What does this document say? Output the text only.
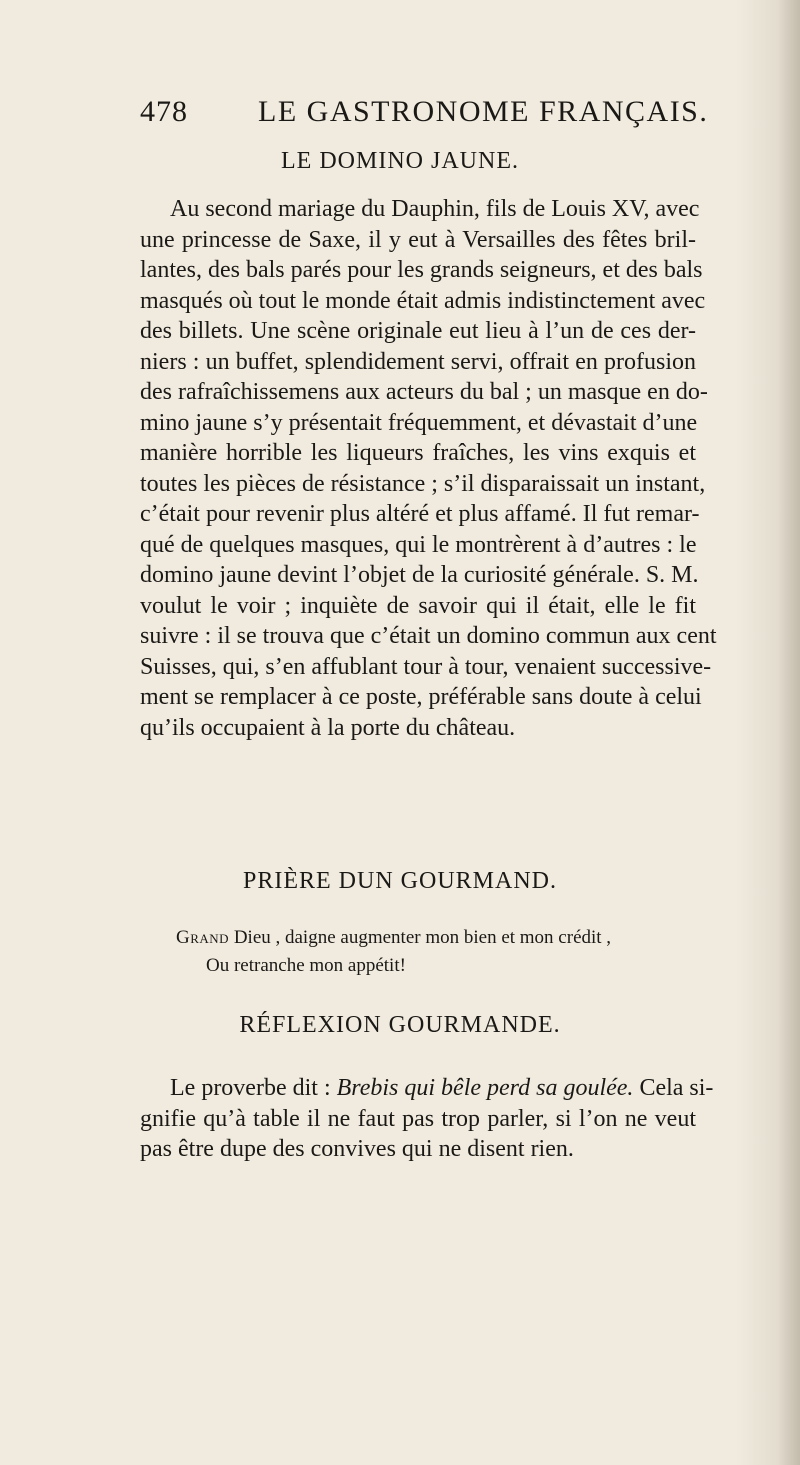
478 LE GASTRONOME FRANÇAIS.
LE DOMINO JAUNE.
Au second mariage du Dauphin, fils de Louis XV, avec
une princesse de Saxe, il y eut à Versailles des fêtes bril-
lantes, des bals parés pour les grands seigneurs, et des bals
masqués où tout le monde était admis indistinctement avec
des billets. Une scène originale eut lieu à l’un de ces der-
niers : un buffet, splendidement servi, offrait en profusion
des rafraîchissemens aux acteurs du bal ; un masque en do-
mino jaune s’y présentait fréquemment, et dévastait d’une
manière horrible les liqueurs fraîches, les vins exquis et
toutes les pièces de résistance ; s’il disparaissait un instant,
c’était pour revenir plus altéré et plus affamé. Il fut remar-
qué de quelques masques, qui le montrèrent à d’autres : le
domino jaune devint l’objet de la curiosité générale. S. M.
voulut le voir ; inquiète de savoir qui il était, elle le fit
suivre : il se trouva que c’était un domino commun aux cent
Suisses, qui, s’en affublant tour à tour, venaient successive-
ment se remplacer à ce poste, préférable sans doute à celui
qu’ils occupaient à la porte du château.
PRIÈRE DUN GOURMAND.
Grand Dieu , daigne augmenter mon bien et mon crédit ,
Ou retranche mon appétit!
RÉFLEXION GOURMANDE.
Le proverbe dit : Brebis qui bêle perd sa goulée. Cela si-
gnifie qu’à table il ne faut pas trop parler, si l’on ne veut
pas être dupe des convives qui ne disent rien.
